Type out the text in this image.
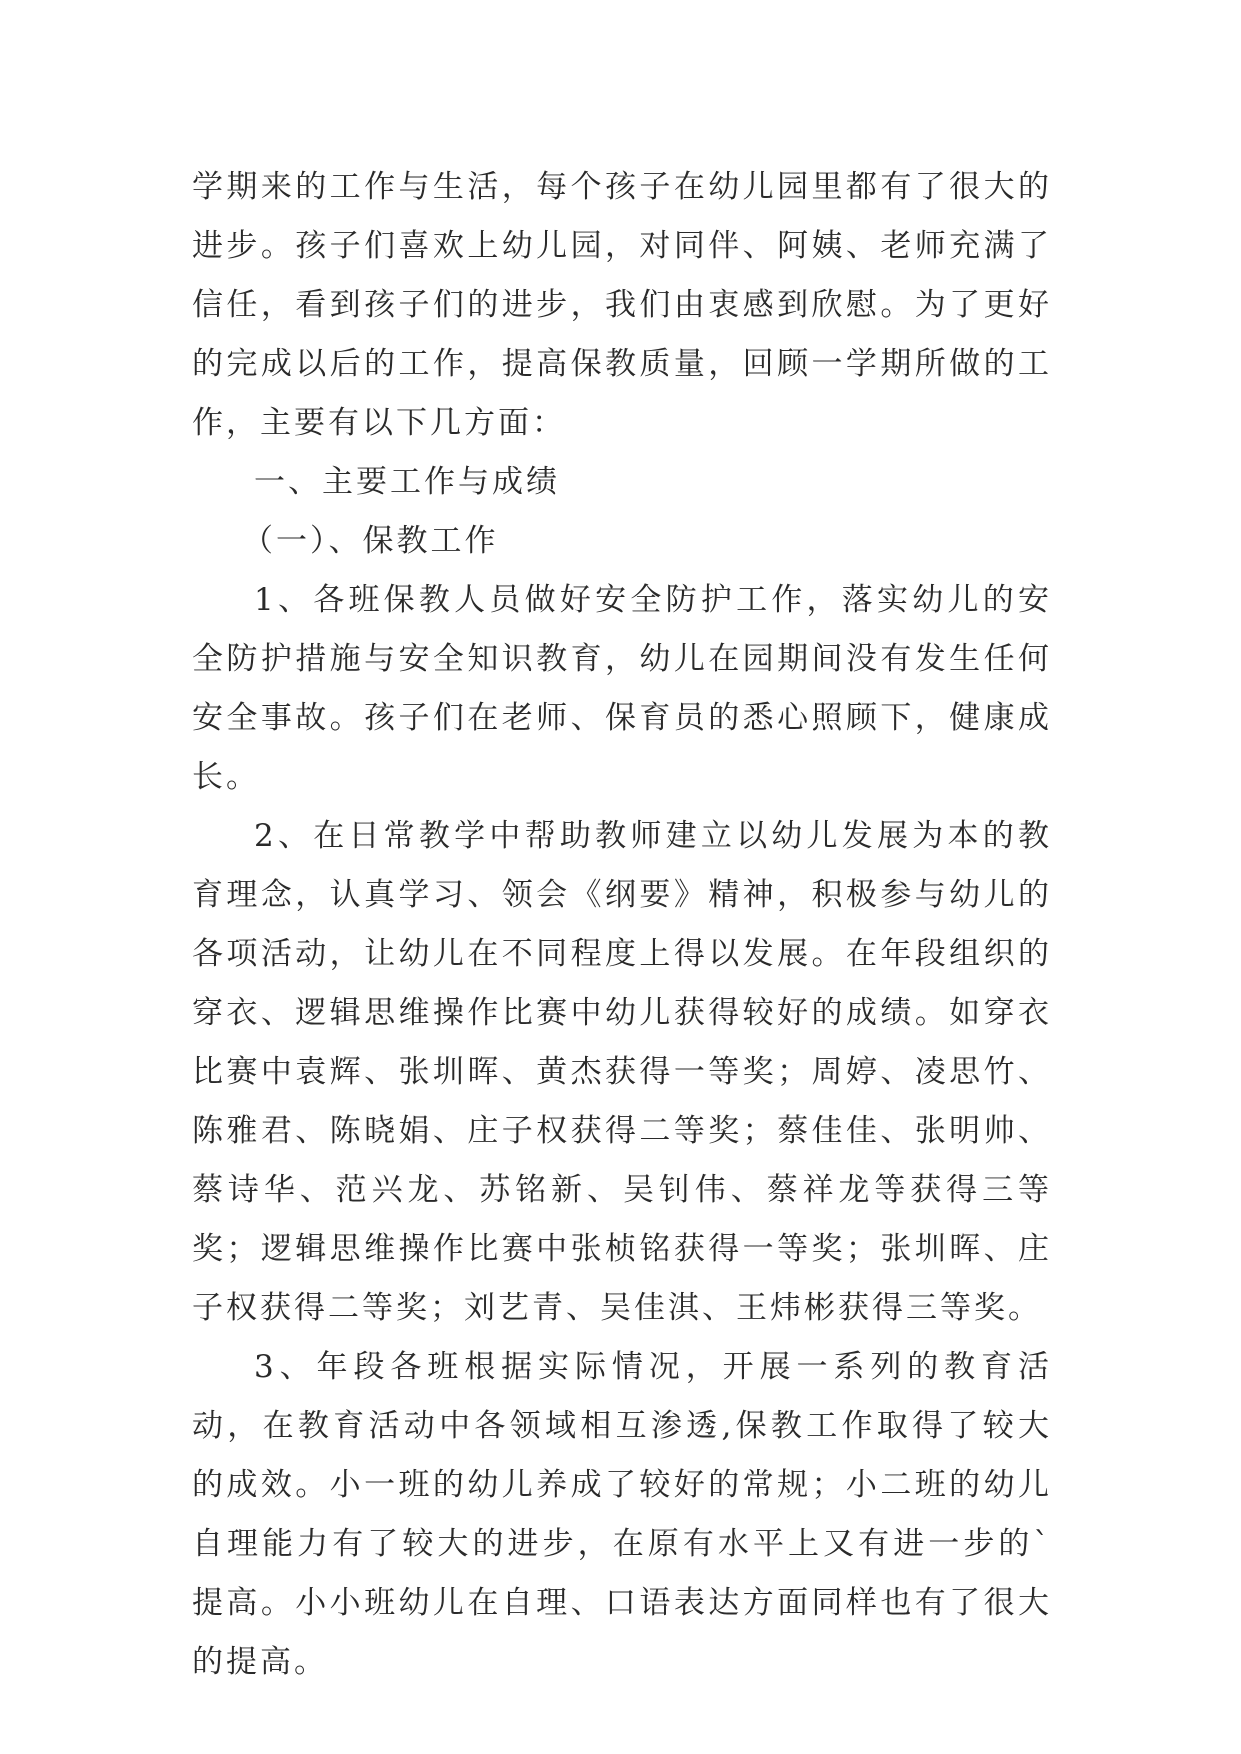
学期来的工作与生活，每个孩子在幼儿园里都有了很大的进步。孩子们喜欢上幼儿园，对同伴、阿姨、老师充满了信任，看到孩子们的进步，我们由衷感到欣慰。为了更好的完成以后的工作，提高保教质量，回顾一学期所做的工作，主要有以下几方面：

一、主要工作与成绩

（一）、保教工作

1、各班保教人员做好安全防护工作，落实幼儿的安全防护措施与安全知识教育，幼儿在园期间没有发生任何安全事故。孩子们在老师、保育员的悉心照顾下，健康成长。

2、在日常教学中帮助教师建立以幼儿发展为本的教育理念，认真学习、领会《纲要》精神，积极参与幼儿的各项活动，让幼儿在不同程度上得以发展。在年段组织的穿衣、逻辑思维操作比赛中幼儿获得较好的成绩。如穿衣比赛中袁辉、张圳晖、黄杰获得一等奖；周婷、凌思竹、陈雅君、陈晓娟、庄子权获得二等奖；蔡佳佳、张明帅、蔡诗华、范兴龙、苏铭新、吴钊伟、蔡祥龙等获得三等奖；逻辑思维操作比赛中张桢铭获得一等奖；张圳晖、庄子权获得二等奖；刘艺青、吴佳淇、王炜彬获得三等奖。

3、年段各班根据实际情况，开展一系列的教育活动，在教育活动中各领域相互渗透,保教工作取得了较大的成效。小一班的幼儿养成了较好的常规；小二班的幼儿自理能力有了较大的进步，在原有水平上又有进一步的`提高。小小班幼儿在自理、口语表达方面同样也有了很大的提高。
